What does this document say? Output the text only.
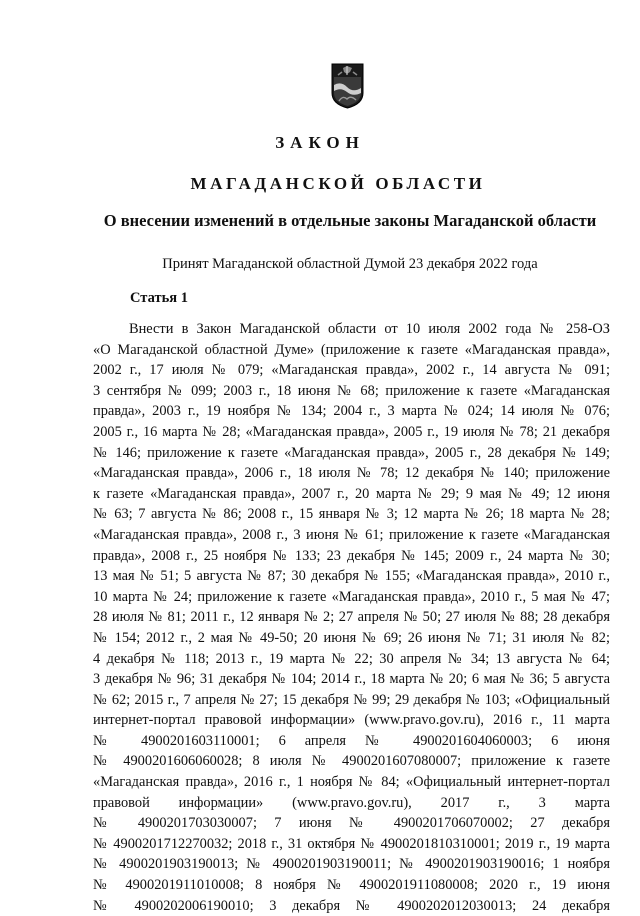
ЗАКОН
МАГАДАНСКОЙ ОБЛАСТИ
О внесении изменений в отдельные законы Магаданской области
Принят Магаданской областной Думой 23 декабря 2022 года
Статья 1
Внести в Закон Магаданской области от 10 июля 2002 года № 258-ОЗ
«О Магаданской областной Думе» (приложение к газете «Магаданская правда»,
2002 г., 17 июля № 079; «Магаданская правда», 2002 г., 14 августа № 091;
3 сентября № 099; 2003 г., 18 июня № 68; приложение к газете «Магаданская
правда», 2003 г., 19 ноября № 134; 2004 г., 3 марта № 024; 14 июля № 076;
2005 г., 16 марта № 28; «Магаданская правда», 2005 г., 19 июля № 78; 21 декабря
№ 146; приложение к газете «Магаданская правда», 2005 г., 28 декабря № 149;
«Магаданская правда», 2006 г., 18 июля № 78; 12 декабря № 140; приложение
к газете «Магаданская правда», 2007 г., 20 марта № 29; 9 мая № 49; 12 июня
№ 63; 7 августа № 86; 2008 г., 15 января № 3; 12 марта № 26; 18 марта № 28;
«Магаданская правда», 2008 г., 3 июня № 61; приложение к газете «Магаданская
правда», 2008 г., 25 ноября № 133; 23 декабря № 145; 2009 г., 24 марта № 30;
13 мая № 51; 5 августа № 87; 30 декабря № 155; «Магаданская правда», 2010 г.,
10 марта № 24; приложение к газете «Магаданская правда», 2010 г., 5 мая № 47;
28 июля № 81; 2011 г., 12 января № 2; 27 апреля № 50; 27 июля № 88; 28 декабря
№ 154; 2012 г., 2 мая № 49-50; 20 июня № 69; 26 июня № 71; 31 июля № 82;
4 декабря № 118; 2013 г., 19 марта № 22; 30 апреля № 34; 13 августа № 64;
3 декабря № 96; 31 декабря № 104; 2014 г., 18 марта № 20; 6 мая № 36; 5 августа
№ 62; 2015 г., 7 апреля № 27; 15 декабря № 99; 29 декабря № 103; «Официальный
интернет-портал правовой информации» (www.pravo.gov.ru), 2016 г., 11 марта
№ 4900201603110001; 6 апреля № 4900201604060003; 6 июня
№ 4900201606060028; 8 июля № 4900201607080007; приложение к газете
«Магаданская правда», 2016 г., 1 ноября № 84; «Официальный интернет-портал
правовой информации» (www.pravo.gov.ru), 2017 г., 3 марта
№ 4900201703030007; 7 июня № 4900201706070002; 27 декабря
№ 4900201712270032; 2018 г., 31 октября № 4900201810310001; 2019 г., 19 марта
№ 4900201903190013; № 4900201903190011; № 4900201903190016; 1 ноября
№ 4900201911010008; 8 ноября № 4900201911080008; 2020 г., 19 июня
№ 4900202006190010; 3 декабря № 4900202012030013; 24 декабря
